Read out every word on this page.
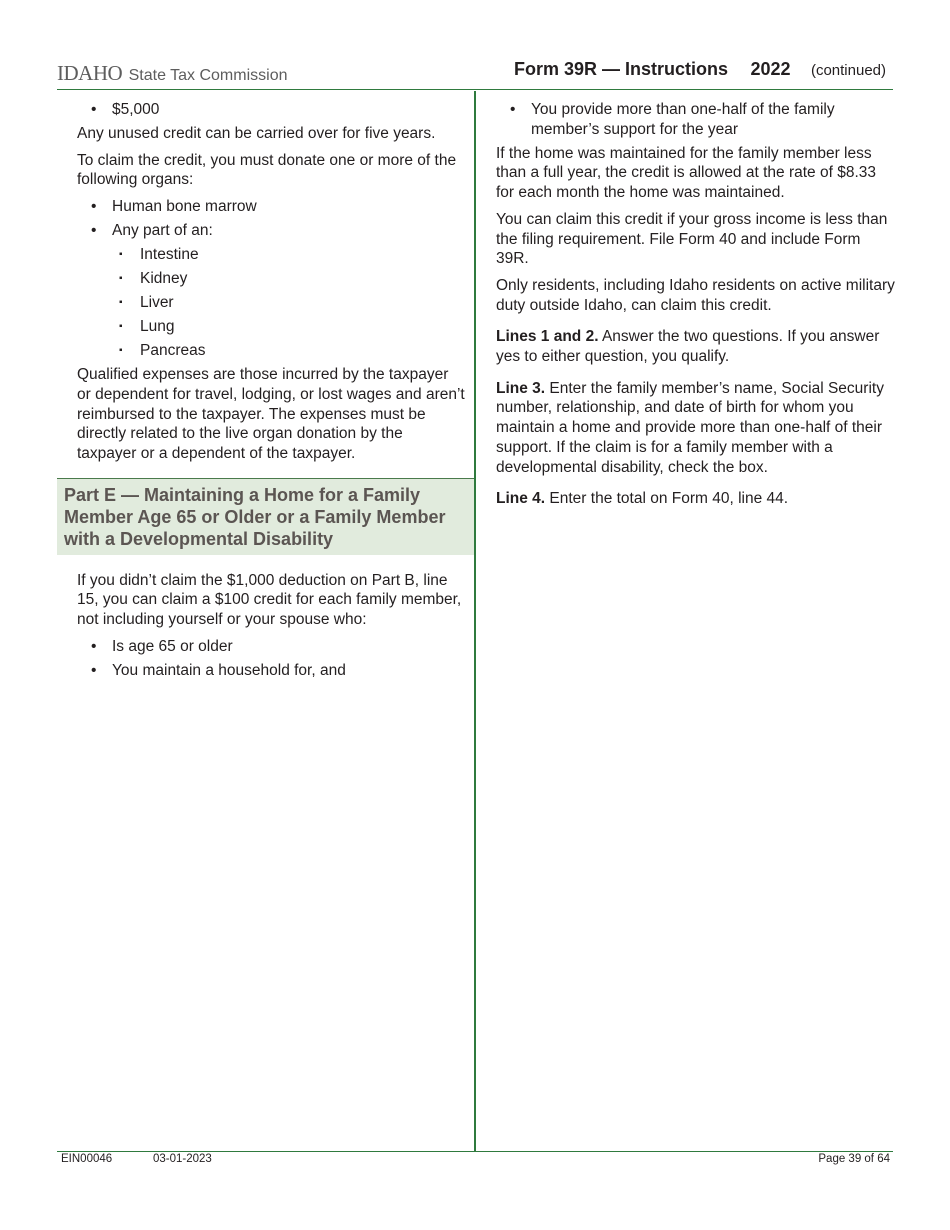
IDAHO State Tax Commission	Form 39R — Instructions 2022 (continued)
• $5,000

Any unused credit can be carried over for five years.

To claim the credit, you must donate one or more of the following organs:

• Human bone marrow
• Any part of an:
▪ Intestine
▪ Kidney
▪ Liver
▪ Lung
▪ Pancreas

Qualified expenses are those incurred by the taxpayer or dependent for travel, lodging, or lost wages and aren’t reimbursed to the taxpayer. The expenses must be directly related to the live organ donation by the taxpayer or a dependent of the taxpayer.

Part E — Maintaining a Home for a Family Member Age 65 or Older or a Family Member with a Developmental Disability

If you didn’t claim the $1,000 deduction on Part B, line 15, you can claim a $100 credit for each family member, not including yourself or your spouse who:

• Is age 65 or older
• You maintain a household for, and
• You provide more than one-half of the family member’s support for the year

If the home was maintained for the family member less than a full year, the credit is allowed at the rate of $8.33 for each month the home was maintained.

You can claim this credit if your gross income is less than the filing requirement. File Form 40 and include Form 39R.

Only residents, including Idaho residents on active military duty outside Idaho, can claim this credit.

Lines 1 and 2. Answer the two questions. If you answer yes to either question, you qualify.

Line 3. Enter the family member’s name, Social Security number, relationship, and date of birth for whom you maintain a home and provide more than one-half of their support. If the claim is for a family member with a developmental disability, check the box.

Line 4. Enter the total on Form 40, line 44.

EIN00046	03-01-2023	Page 39 of 64
